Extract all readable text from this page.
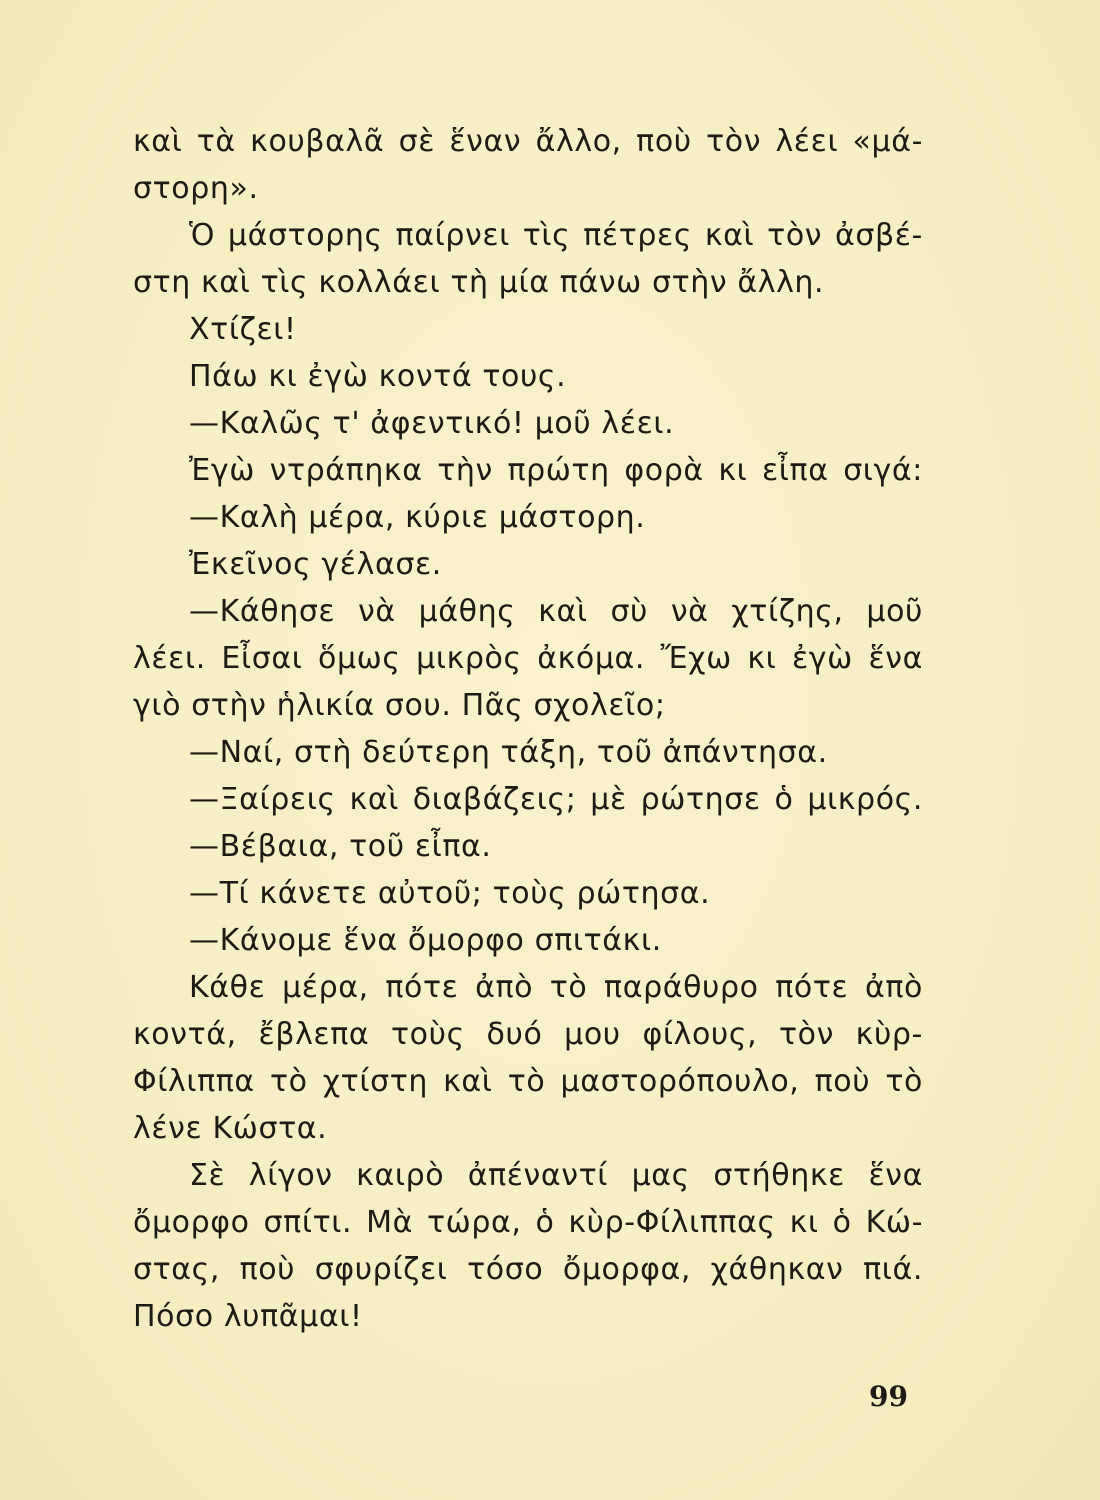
καὶ τὰ κουβαλᾶ σὲ ἕναν ἄλλο, ποὺ τὸν λέει «μά-
στορη».
Ὁ μάστορης παίρνει τὶς πέτρες καὶ τὸν ἀσβέ-
στη καὶ τὶς κολλάει τὴ μία πάνω στὴν ἄλλη.
Χτίζει!
Πάω κι ἐγὼ κοντά τους.
—Καλῶς τ' ἀφεντικό! μοῦ λέει.
Ἐγὼ ντράπηκα τὴν πρώτη φορὰ κι εἶπα σιγά:
—Καλὴ μέρα, κύριε μάστορη.
Ἐκεῖνος γέλασε.
—Κάθησε νὰ μάθης καὶ σὺ νὰ χτίζης, μοῦ
λέει. Εἶσαι ὅμως μικρὸς ἀκόμα. Ἔχω κι ἐγὼ ἕνα
γιὸ στὴν ἡλικία σου. Πᾶς σχολεῖο;
—Ναί, στὴ δεύτερη τάξη, τοῦ ἀπάντησα.
—Ξαίρεις καὶ διαβάζεις; μὲ ρώτησε ὁ μικρός.
—Βέβαια, τοῦ εἶπα.
—Τί κάνετε αὐτοῦ; τοὺς ρώτησα.
—Κάνομε ἕνα ὄμορφο σπιτάκι.
Κάθε μέρα, πότε ἀπὸ τὸ παράθυρο πότε ἀπὸ
κοντά, ἔβλεπα τοὺς δυό μου φίλους, τὸν κὺρ-
Φίλιππα τὸ χτίστη καὶ τὸ μαστορόπουλο, ποὺ τὸ
λένε Κώστα.
Σὲ λίγον καιρὸ ἀπέναντί μας στήθηκε ἕνα
ὄμορφο σπίτι. Μὰ τώρα, ὁ κὺρ-Φίλιππας κι ὁ Κώ-
στας, ποὺ σφυρίζει τόσο ὄμορφα, χάθηκαν πιά.
Πόσο λυπᾶμαι!
99
